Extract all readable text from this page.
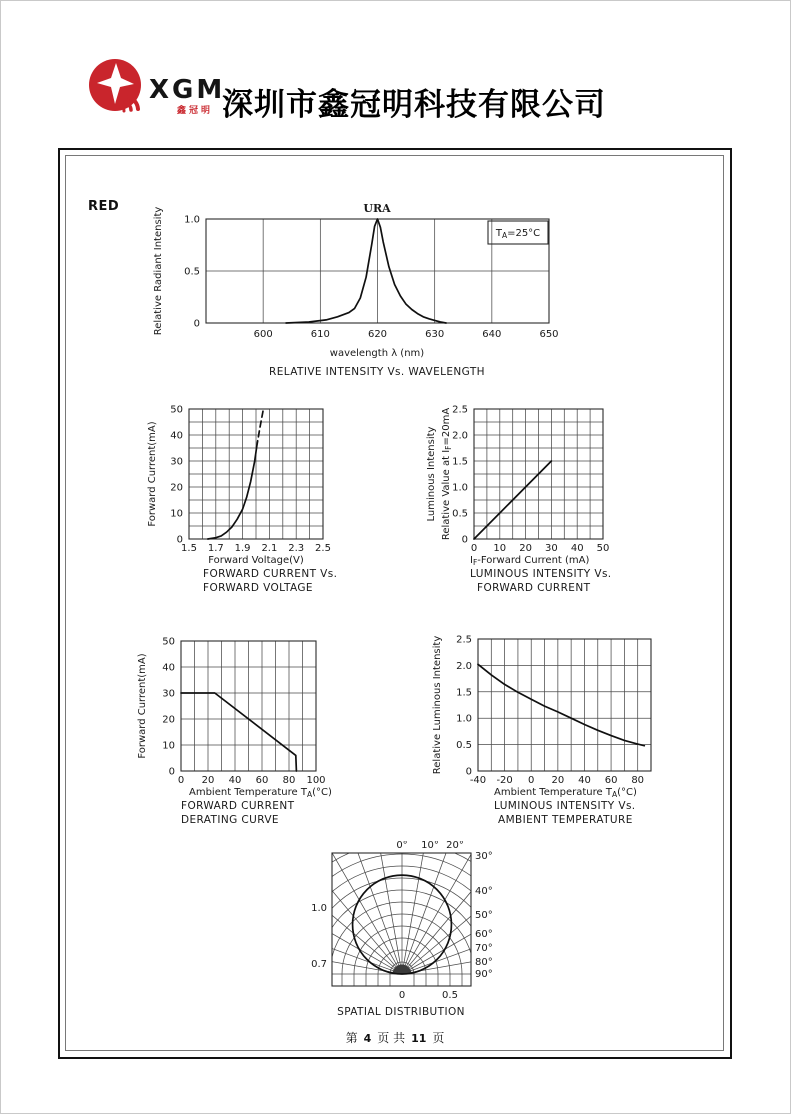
XGM
鑫冠明 深圳市鑫冠明科技有限公司
RED
第 4 页 共 11 页
600	610	620	630	640	650
0
0.5
1.0
Relative Radiant Intensity
wavelength λ (nm)
RELATIVE INTENSITY Vs. WAVELENGTH
URA
$T_A=25^\circ C$
1.5 1.7 1.9 2.1 2.3 2.5
0
10
20
30
40
50
Forward Current(mA)
Forward Voltage(V)
FORWARD CURRENT Vs.
FORWARD VOLTAGE
0 10 20 30 40 50
0
0.5
1.0
1.5
2.0
2.5
Luminous Intensity Relative Value at $I_F=20mA$
$I_F$-Forward Current (mA)
LUMINOUS INTENSITY Vs.
FORWARD CURRENT
0 20 40 60 80 100
0
10
20
30
40
50
Forward Current(mA)
Ambient Temperature $T_A(^\circ C)$
FORWARD CURRENT
DERATING CURVE
-40 -20 0 20 40 60 80
0
0.5
1.0
1.5
2.0
2.5
Relative Luminous Intensity
Ambient Temperature $T_A(^\circ C)$
LUMINOUS INTENSITY Vs.
AMBIENT TEMPERATURE
0° 10° 20°
30°
40°
50°
60°
70°
80°
90°
1.0
0.7
0	0.5
SPATIAL DISTRIBUTION
